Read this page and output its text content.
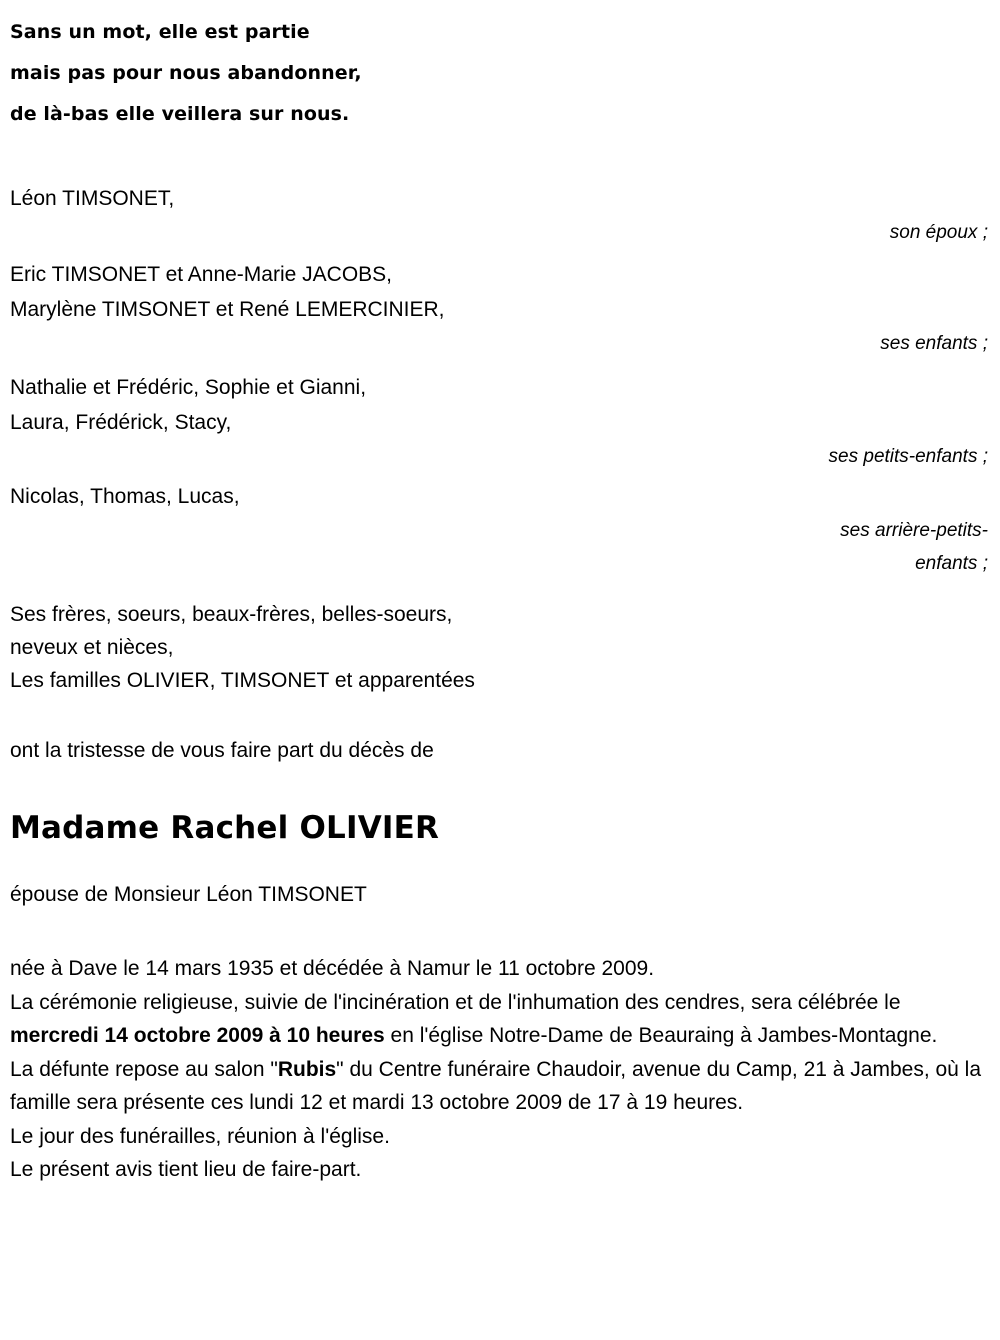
Sans un mot, elle est partie
mais pas pour nous abandonner,
de là-bas elle veillera sur nous.
Léon TIMSONET,
son époux ;
Eric TIMSONET et Anne-Marie JACOBS,
Marylène TIMSONET et René LEMERCINIER,
ses enfants ;
Nathalie et Frédéric, Sophie et Gianni,
Laura, Frédérick, Stacy,
ses petits-enfants ;
Nicolas, Thomas, Lucas,
ses arrière-petits-
enfants ;
Ses frères, soeurs, beaux-frères, belles-soeurs,
neveux et nièces,
Les familles OLIVIER, TIMSONET et apparentées
ont la tristesse de vous faire part du décès de
Madame Rachel OLIVIER
épouse de Monsieur Léon TIMSONET
née à Dave le 14 mars 1935 et décédée à Namur le 11 octobre 2009.
La cérémonie religieuse, suivie de l'incinération et de l'inhumation des cendres, sera célébrée le mercredi 14 octobre 2009 à 10 heures en l'église Notre-Dame de Beauraing à Jambes-Montagne.
La défunte repose au salon "Rubis" du Centre funéraire Chaudoir, avenue du Camp, 21 à Jambes, où la famille sera présente ces lundi 12 et mardi 13 octobre 2009 de 17 à 19 heures.
Le jour des funérailles, réunion à l'église.
Le présent avis tient lieu de faire-part.
